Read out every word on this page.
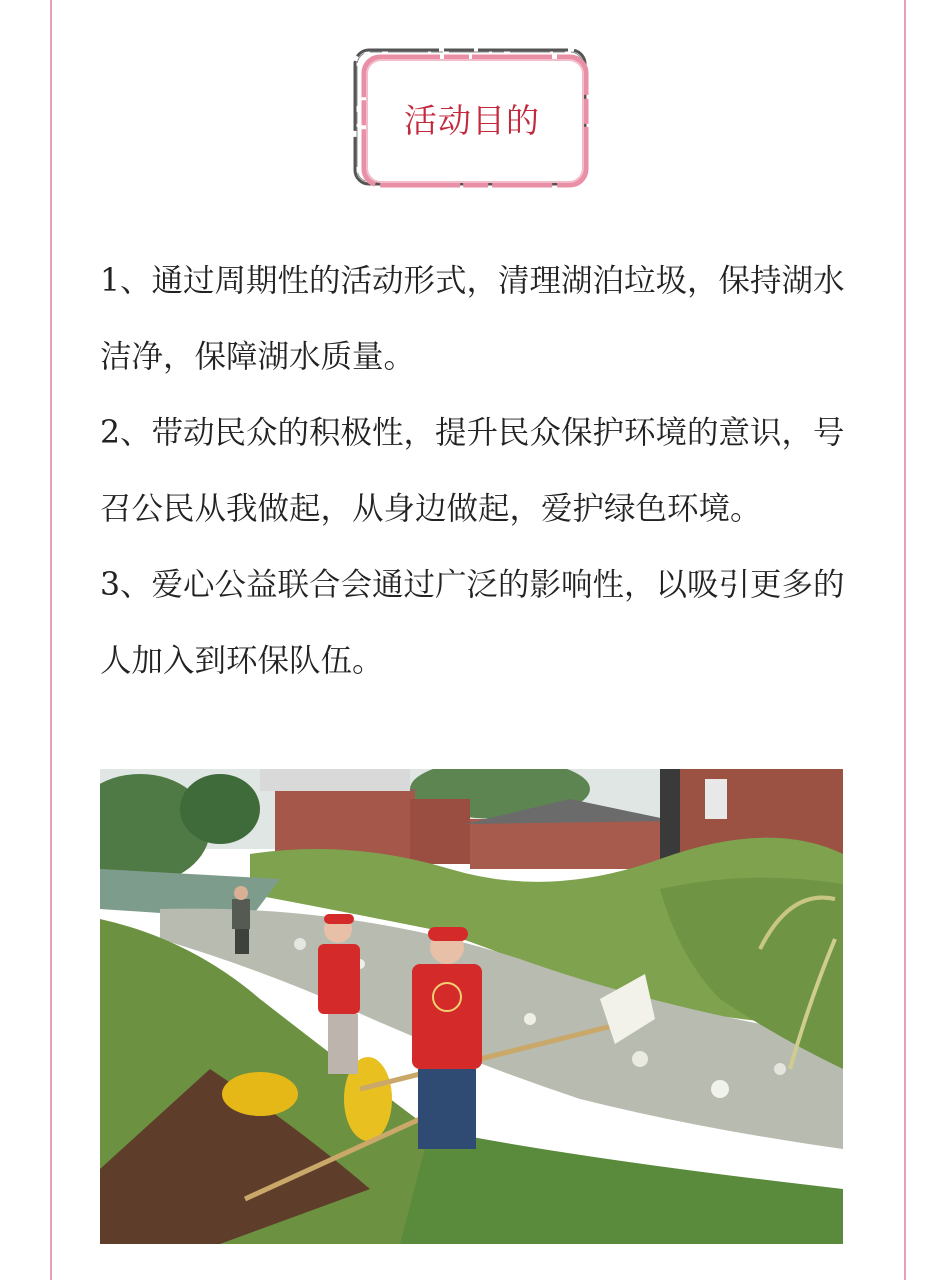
活动目的

1、通过周期性的活动形式，清理湖泊垃圾，保持湖水洁净，保障湖水质量。

2、带动民众的积极性，提升民众保护环境的意识，号召公民从我做起，从身边做起，爱护绿色环境。

3、爱心公益联合会通过广泛的影响性，以吸引更多的人加入到环保队伍。
